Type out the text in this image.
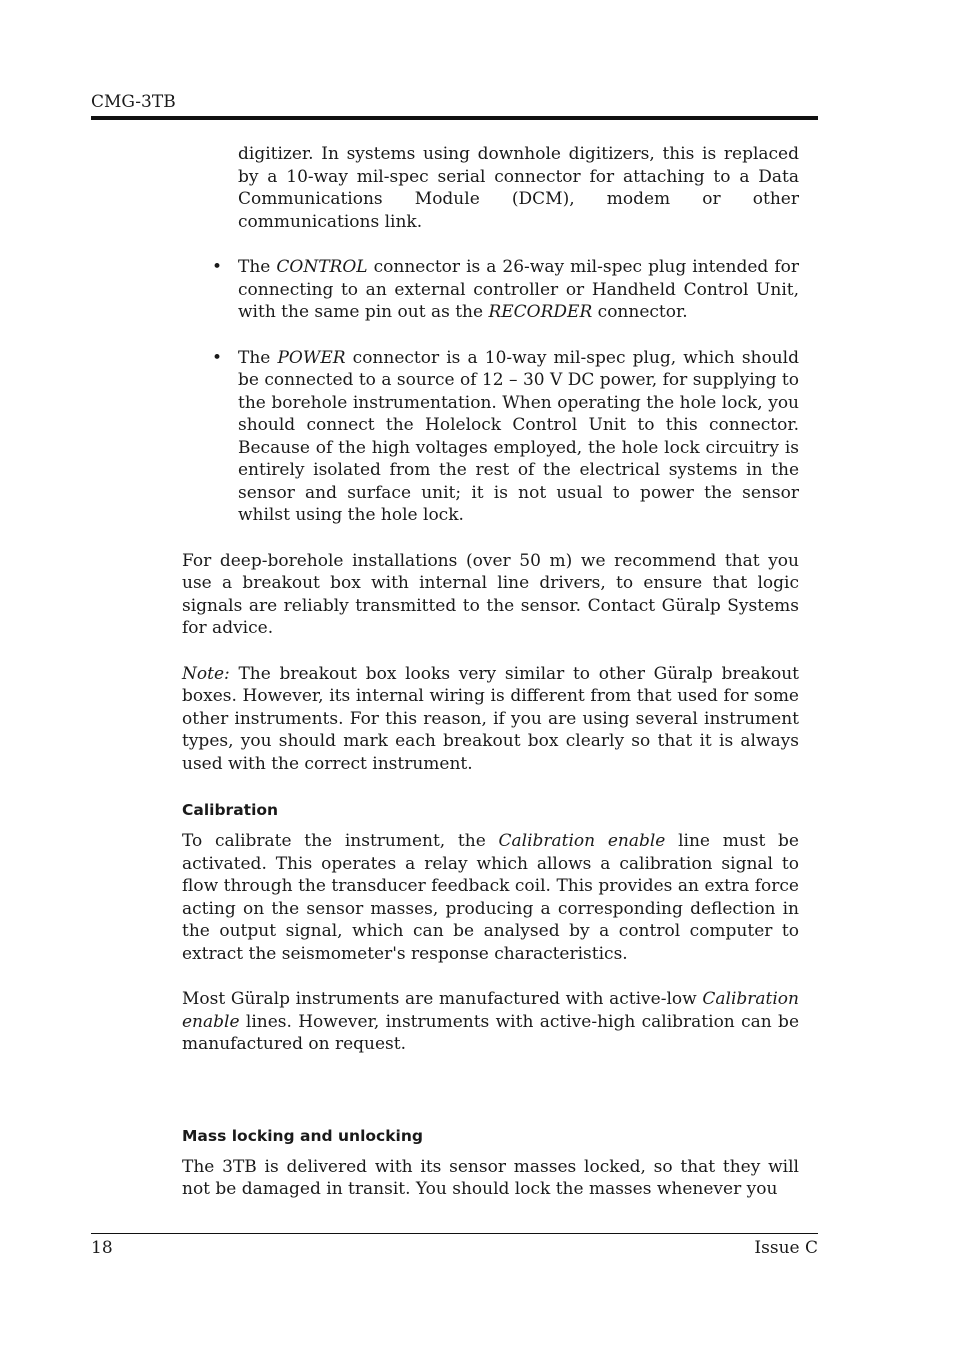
CMG-3TB

digitizer. In systems using downhole digitizers, this is replaced by a 10-way mil-spec serial connector for attaching to a Data Communications Module (DCM), modem or other communications link.

• The CONTROL connector is a 26-way mil-spec plug intended for connecting to an external controller or Handheld Control Unit, with the same pin out as the RECORDER connector.

• The POWER connector is a 10-way mil-spec plug, which should be connected to a source of 12 – 30 V DC power, for supplying to the borehole instrumentation. When operating the hole lock, you should connect the Holelock Control Unit to this connector. Because of the high voltages employed, the hole lock circuitry is entirely isolated from the rest of the electrical systems in the sensor and surface unit; it is not usual to power the sensor whilst using the hole lock.

For deep-borehole installations (over 50 m) we recommend that you use a breakout box with internal line drivers, to ensure that logic signals are reliably transmitted to the sensor. Contact Güralp Systems for advice.

Note: The breakout box looks very similar to other Güralp breakout boxes. However, its internal wiring is different from that used for some other instruments. For this reason, if you are using several instrument types, you should mark each breakout box clearly so that it is always used with the correct instrument.

Calibration

To calibrate the instrument, the Calibration enable line must be activated. This operates a relay which allows a calibration signal to flow through the transducer feedback coil. This provides an extra force acting on the sensor masses, producing a corresponding deflection in the output signal, which can be analysed by a control computer to extract the seismometer's response characteristics.

Most Güralp instruments are manufactured with active-low Calibration enable lines. However, instruments with active-high calibration can be manufactured on request.

Mass locking and unlocking

The 3TB is delivered with its sensor masses locked, so that they will not be damaged in transit. You should lock the masses whenever you

18	Issue C
